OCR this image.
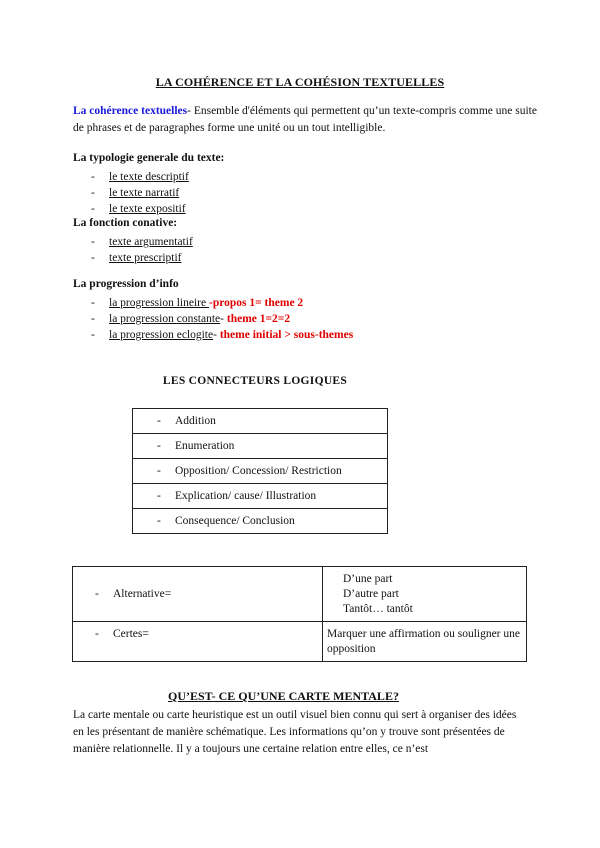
LA COHÉRENCE ET LA COHÉSION TEXTUELLES
La cohérence textuelles- Ensemble d'éléments qui permettent qu’un texte-compris comme une suite de phrases et de paragraphes forme une unité ou un tout intelligible.
La typologie generale du texte:
- le texte descriptif
- le texte narratif
- le texte expositif
La fonction conative:
- texte argumentatif
- texte prescriptif
La progression d’info
- la progression lineire -propos 1= theme 2
- la progression constante- theme 1=2=2
- la progression eclogite- theme initial > sous-themes
LES CONNECTEURS LOGIQUES
- Addition
- Enumeration
- Opposition/ Concession/ Restriction
- Explication/ cause/ Illustration
- Consequence/ Conclusion
- Alternative=	D’une part
D’autre part
Tantôt… tantôt

- Certes=	Marquer une affirmation ou souligner une opposition
QU’EST- CE QU’UNE CARTE MENTALE?
La carte mentale ou carte heuristique est un outil visuel bien connu qui sert à organiser des idées en les présentant de manière schématique. Les informations qu’on y trouve sont présentées de manière relationnelle. Il y a toujours une certaine relation entre elles, ce n’est
